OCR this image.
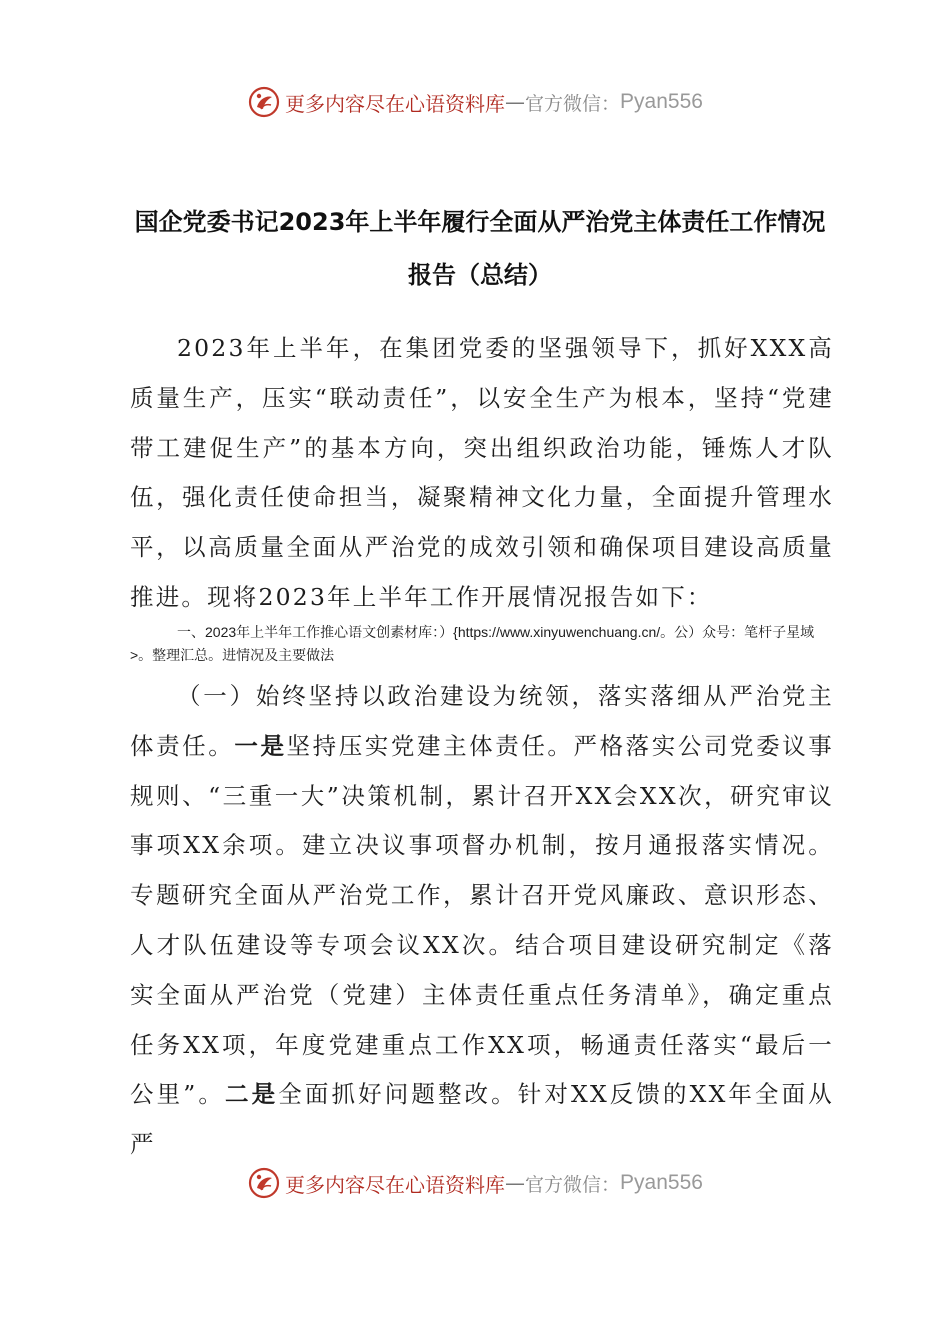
更多内容尽在心语资料库 — 官方微信： Pyan556
国企党委书记2023年上半年履行全面从严治党主体责任工作情况报告（总结）
2023年上半年，在集团党委的坚强领导下，抓好XXX高质量生产，压实“联动责任”，以安全生产为根本，坚持“党建带工建促生产”的基本方向，突出组织政治功能，锤炼人才队伍，强化责任使命担当，凝聚精神文化力量，全面提升管理水平，以高质量全面从严治党的成效引领和确保项目建设高质量推进。现将2023年上半年工作开展情况报告如下：
一、2023年上半年工作推心语文创素材库：）{https://www.xinyuwenchuang.cn/。公）众号：笔杆子星域>。整理汇总。进情况及主要做法
（一）始终坚持以政治建设为统领，落实落细从严治党主体责任。一是坚持压实党建主体责任。严格落实公司党委议事规则、“三重一大”决策机制，累计召开XX会XX次，研究审议事项XX余项。建立决议事项督办机制，按月通报落实情况。专题研究全面从严治党工作，累计召开党风廉政、意识形态、人才队伍建设等专项会议XX次。结合项目建设研究制定《落实全面从严治党（党建）主体责任重点任务清单》，确定重点任务XX项，年度党建重点工作XX项，畅通责任落实“最后一公里”。二是全面抓好问题整改。针对XX反馈的XX年全面从严
更多内容尽在心语资料库 — 官方微信： Pyan556
